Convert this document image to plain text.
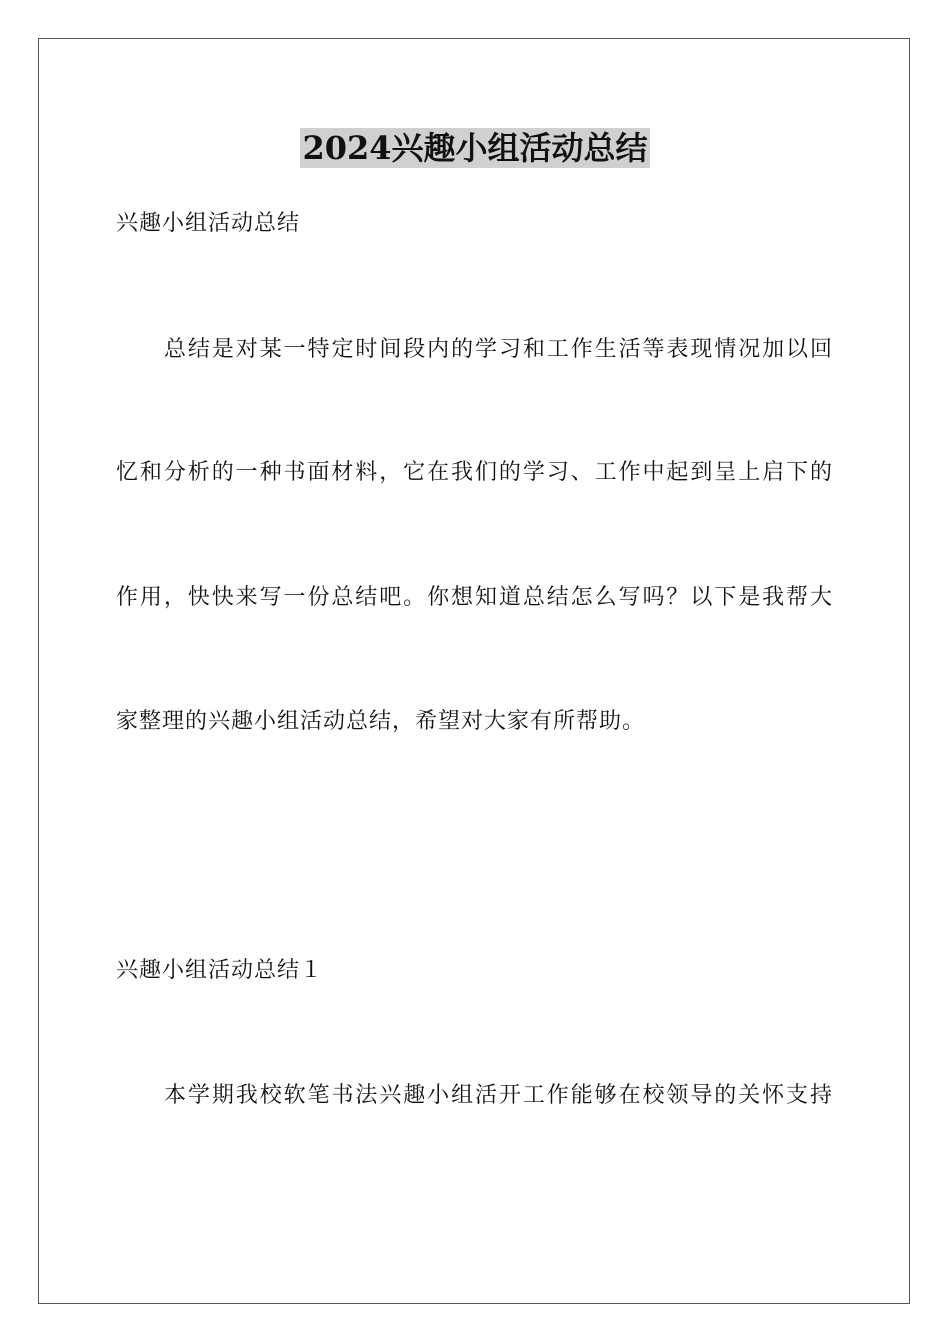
2024兴趣小组活动总结
兴趣小组活动总结
总结是对某一特定时间段内的学习和工作生活等表现情况加以回
忆和分析的一种书面材料，它在我们的学习、工作中起到呈上启下的
作用，快快来写一份总结吧。你想知道总结怎么写吗？以下是我帮大
家整理的兴趣小组活动总结，希望对大家有所帮助。
兴趣小组活动总结１
本学期我校软笔书法兴趣小组活开工作能够在校领导的关怀支持
